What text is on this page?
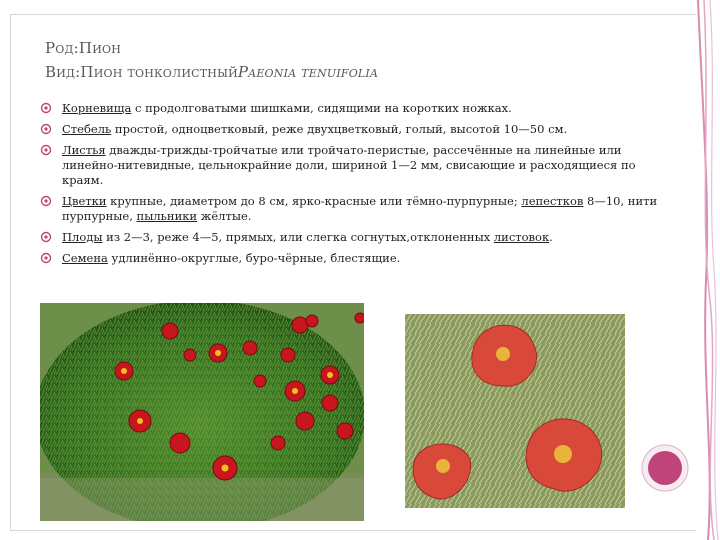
Род:Пион
Вид:Пион тонколистныйPaeonia tenuifolia
Корневища с продолговатыми шишками, сидящими на коротких ножках.
Стебель простой, одноцветковый, реже двухцветковый, голый, высотой 10—50 см.
Листья дважды-трижды-тройчатые или тройчато-перистые, рассечённые на линейные или линейно-нитевидные, цельнокрайние доли, шириной 1—2 мм, свисающие и расходящиеся по краям.
Цветки крупные, диаметром до 8 см, ярко-красные или тёмно-пурпурные; лепестков 8—10, нити пурпурные, пыльники жёлтые.
Плоды из 2—3, реже 4—5, прямых, или слегка согнутых,отклоненных листовок.
Семена удлинённо-округлые, буро-чёрные, блестящие.
